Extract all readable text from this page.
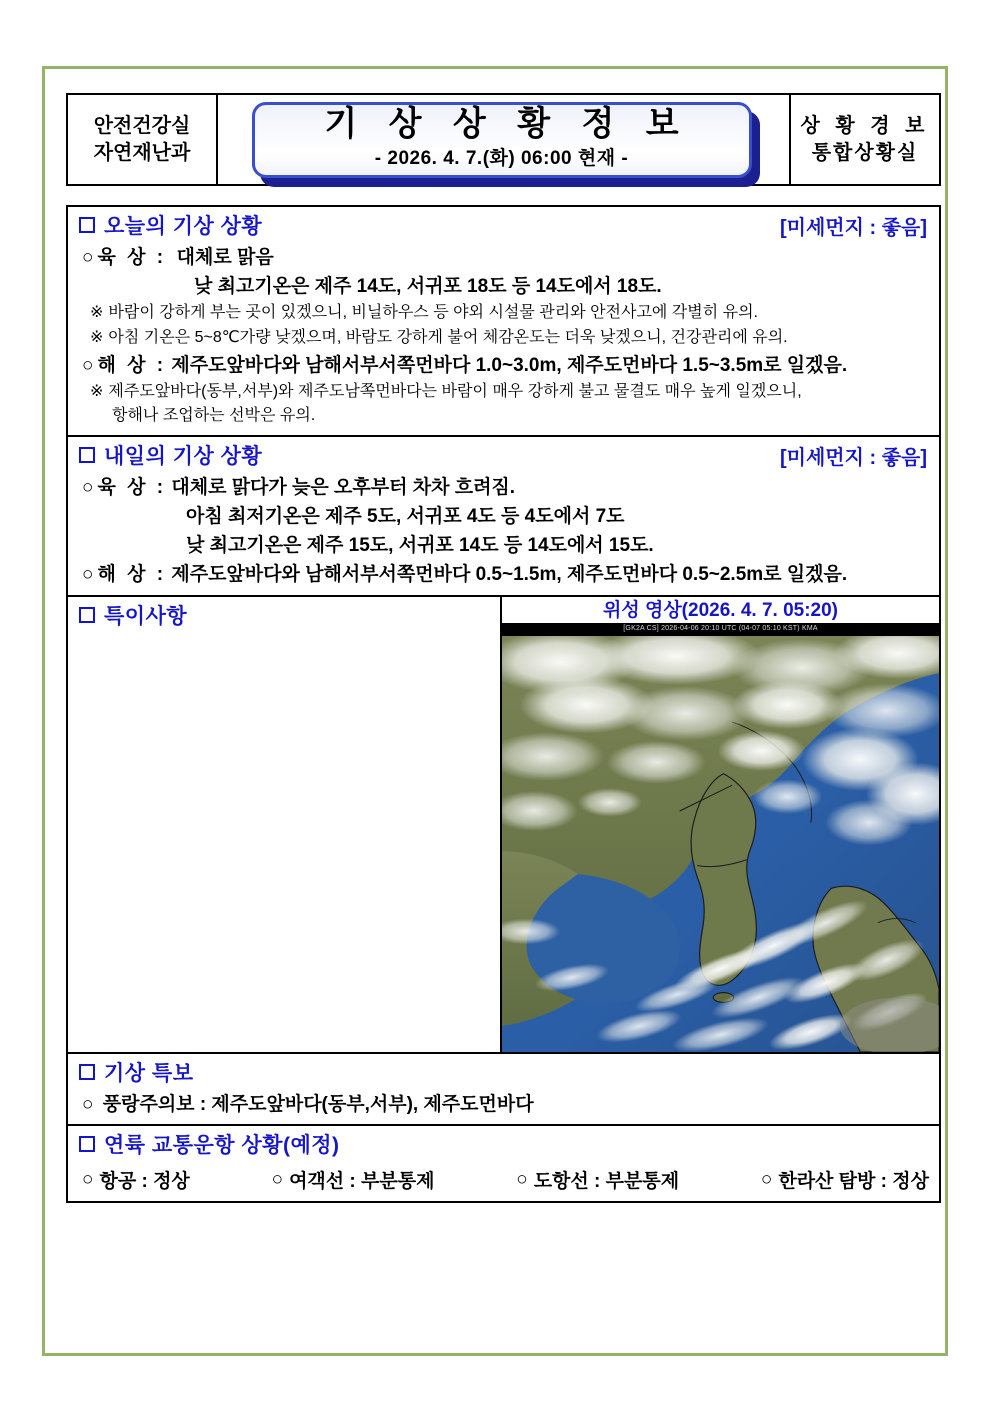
안전건강실
자연재난과
기 상 상 황 정 보
- 2026. 4. 7.(화) 06:00 현재 -
상 황 경 보
통합상황실
오늘의 기상 상황	[미세먼지 : 좋음]
○ 육 상 : 대체로 맑음
낮 최고기온은 제주 14도, 서귀포 18도 등 14도에서 18도.
※ 바람이 강하게 부는 곳이 있겠으니, 비닐하우스 등 야외 시설물 관리와 안전사고에 각별히 유의.
※ 아침 기온은 5~8℃가량 낮겠으며, 바람도 강하게 불어 체감온도는 더욱 낮겠으니, 건강관리에 유의.
○ 해 상 : 제주도앞바다와 남해서부서쪽먼바다 1.0~3.0m, 제주도먼바다 1.5~3.5m로 일겠음.
※ 제주도앞바다(동부,서부)와 제주도남쪽먼바다는 바람이 매우 강하게 불고 물결도 매우 높게 일겠으니,
항해나 조업하는 선박은 유의.
내일의 기상 상황	[미세먼지 : 좋음]
○ 육 상 : 대체로 맑다가 늦은 오후부터 차차 흐려짐.
아침 최저기온은 제주 5도, 서귀포 4도 등 4도에서 7도
낮 최고기온은 제주 15도, 서귀포 14도 등 14도에서 15도.
○ 해 상 : 제주도앞바다와 남해서부서쪽먼바다 0.5~1.5m, 제주도먼바다 0.5~2.5m로 일겠음.
특이사항	위성 영상(2026. 4. 7. 05:20)
[GK2A CS] 2026-04-06 20:10 UTC (04-07 05:10 KST) KMA
기상 특보
○ 풍랑주의보 : 제주도앞바다(동부,서부), 제주도먼바다
연륙 교통운항 상황(예정)
○ 항공 : 정상	○ 여객선 : 부분통제	○ 도항선 : 부분통제	○ 한라산 탐방 : 정상
